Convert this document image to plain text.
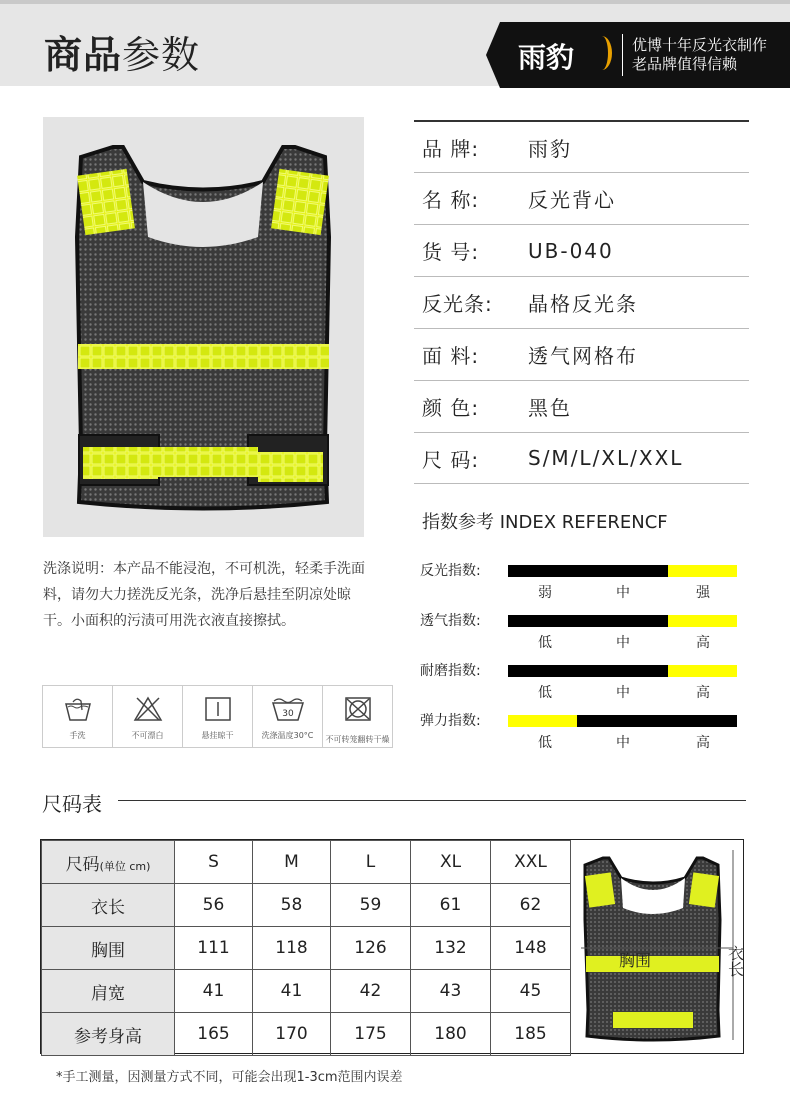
商品参数	雨豹	优博十年反光衣制作
老品牌值得信赖
品 牌:	雨豹
名 称:	反光背心
货 号:	UB-040
反光条:	晶格反光条
面 料:	透气网格布
颜 色:	黑色
尺 码:	S/M/L/XL/XXL
洗涤说明：本产品不能浸泡，不可机洗，轻柔手洗面料，请勿大力搓洗反光条，洗净后悬挂至阴凉处晾干。小面积的污渍可用洗衣液直接擦拭。
手洗	不可漂白	悬挂晾干
30
洗涤温度30°C	不可转笼翻转干燥
指数参考 INDEX REFERENCF
反光指数:
弱	中	强
透气指数:
低	中	高
耐磨指数:
低	中	高
弹力指数:
低	中	高
尺码表
尺码(单位 cm)	S	M	L	XL	XXL
衣长	56	58	59	61	62
胸围	111	118	126	132	148
肩宽	41	41	42	43	45
参考身高	165	170	175	180	185
胸围	衣长
*手工测量，因测量方式不同，可能会出现1-3cm范围内误差
